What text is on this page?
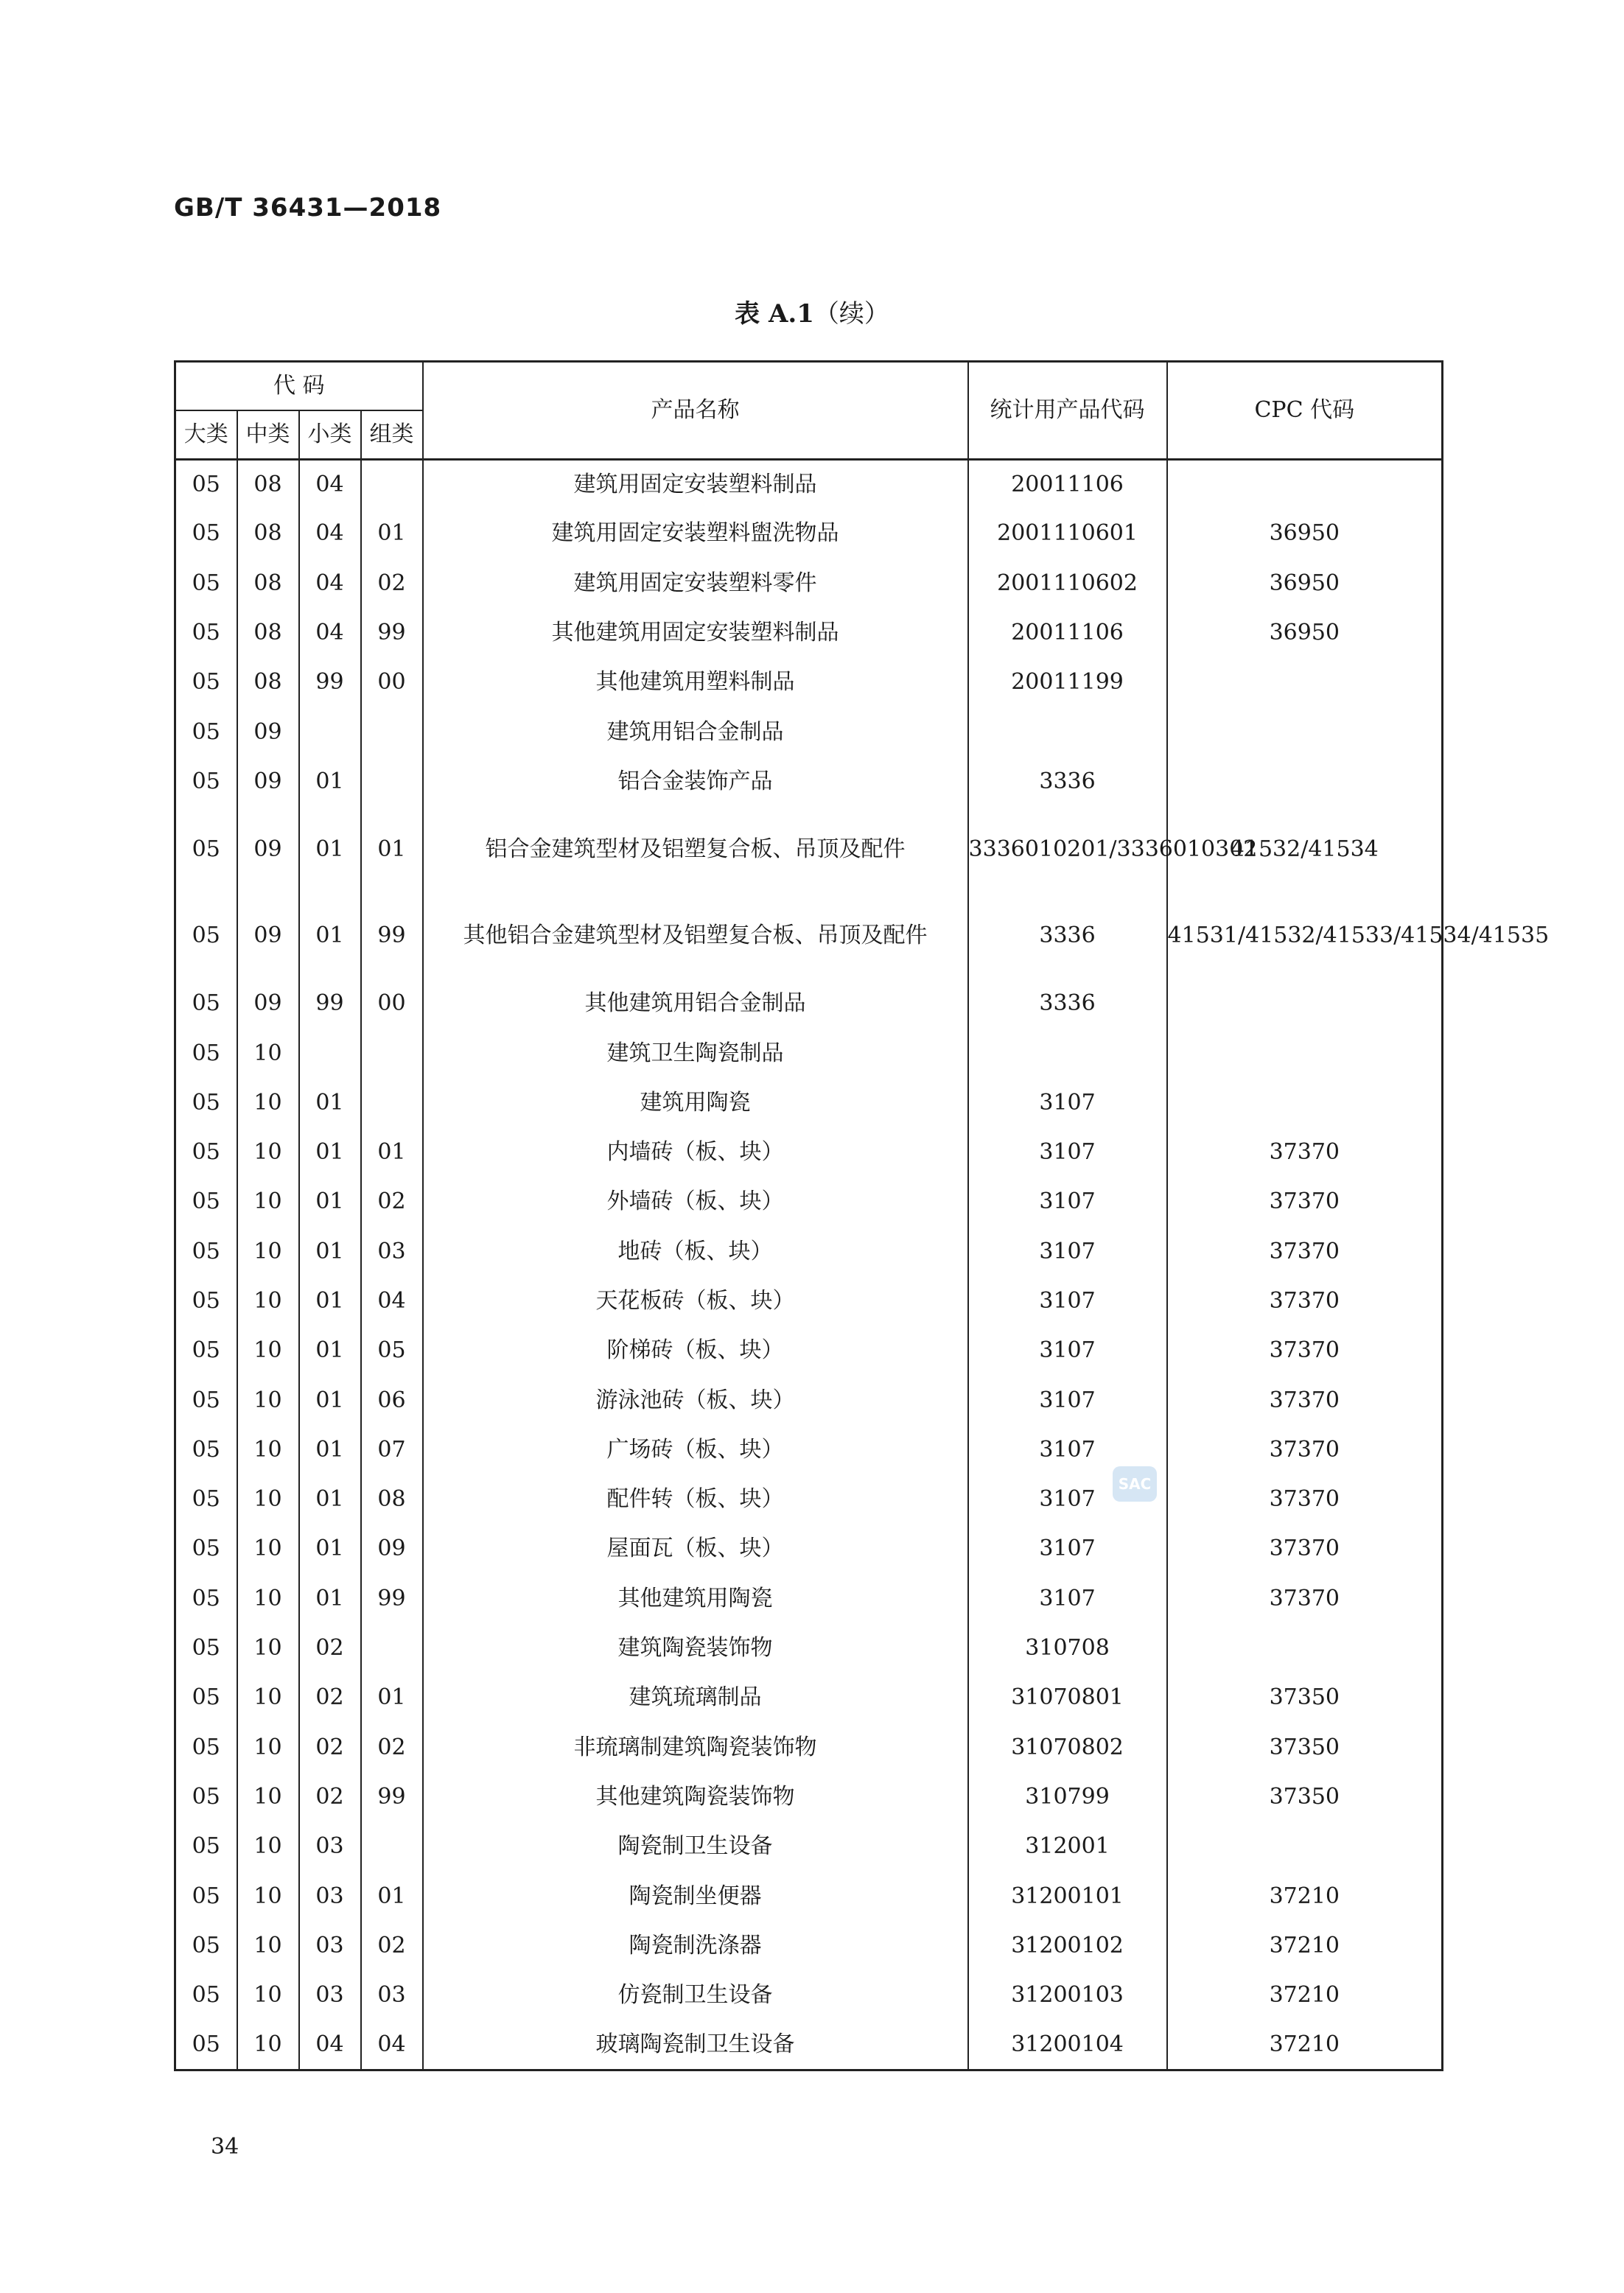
GB/T 36431—2018
表 A.1（续）
代 码				产品名称	统计用产品代码	CPC 代码
大类	中类	小类	组类			
05	08	04		建筑用固定安装塑料制品	20011106	
05	08	04	01	建筑用固定安装塑料盥洗物品	2001110601	36950
05	08	04	02	建筑用固定安装塑料零件	2001110602	36950
05	08	04	99	其他建筑用固定安装塑料制品	20011106	36950
05	08	99	00	其他建筑用塑料制品	20011199	
05	09			建筑用铝合金制品		
05	09	01		铝合金装饰产品	3336	
05	09	01	01	铝合金建筑型材及铝塑复合板、吊顶及配件	3336010201/3336010302	41532/41534
05	09	01	99	其他铝合金建筑型材及铝塑复合板、吊顶及配件	3336	41531/41532/41533/41534/41535
05	09	99	00	其他建筑用铝合金制品	3336	
05	10			建筑卫生陶瓷制品		
05	10	01		建筑用陶瓷	3107	
05	10	01	01	内墙砖（板、块）	3107	37370
05	10	01	02	外墙砖（板、块）	3107	37370
05	10	01	03	地砖（板、块）	3107	37370
05	10	01	04	天花板砖（板、块）	3107	37370
05	10	01	05	阶梯砖（板、块）	3107	37370
05	10	01	06	游泳池砖（板、块）	3107	37370
05	10	01	07	广场砖（板、块）	3107	37370
05	10	01	08	配件转（板、块）	3107	37370
05	10	01	09	屋面瓦（板、块）	3107	37370
05	10	01	99	其他建筑用陶瓷	3107	37370
05	10	02		建筑陶瓷装饰物	310708	
05	10	02	01	建筑琉璃制品	31070801	37350
05	10	02	02	非琉璃制建筑陶瓷装饰物	31070802	37350
05	10	02	99	其他建筑陶瓷装饰物	310799	37350
05	10	03		陶瓷制卫生设备	312001	
05	10	03	01	陶瓷制坐便器	31200101	37210
05	10	03	02	陶瓷制洗涤器	31200102	37210
05	10	03	03	仿瓷制卫生设备	31200103	37210
05	10	04	04	玻璃陶瓷制卫生设备	31200104	37210
SAC
34
